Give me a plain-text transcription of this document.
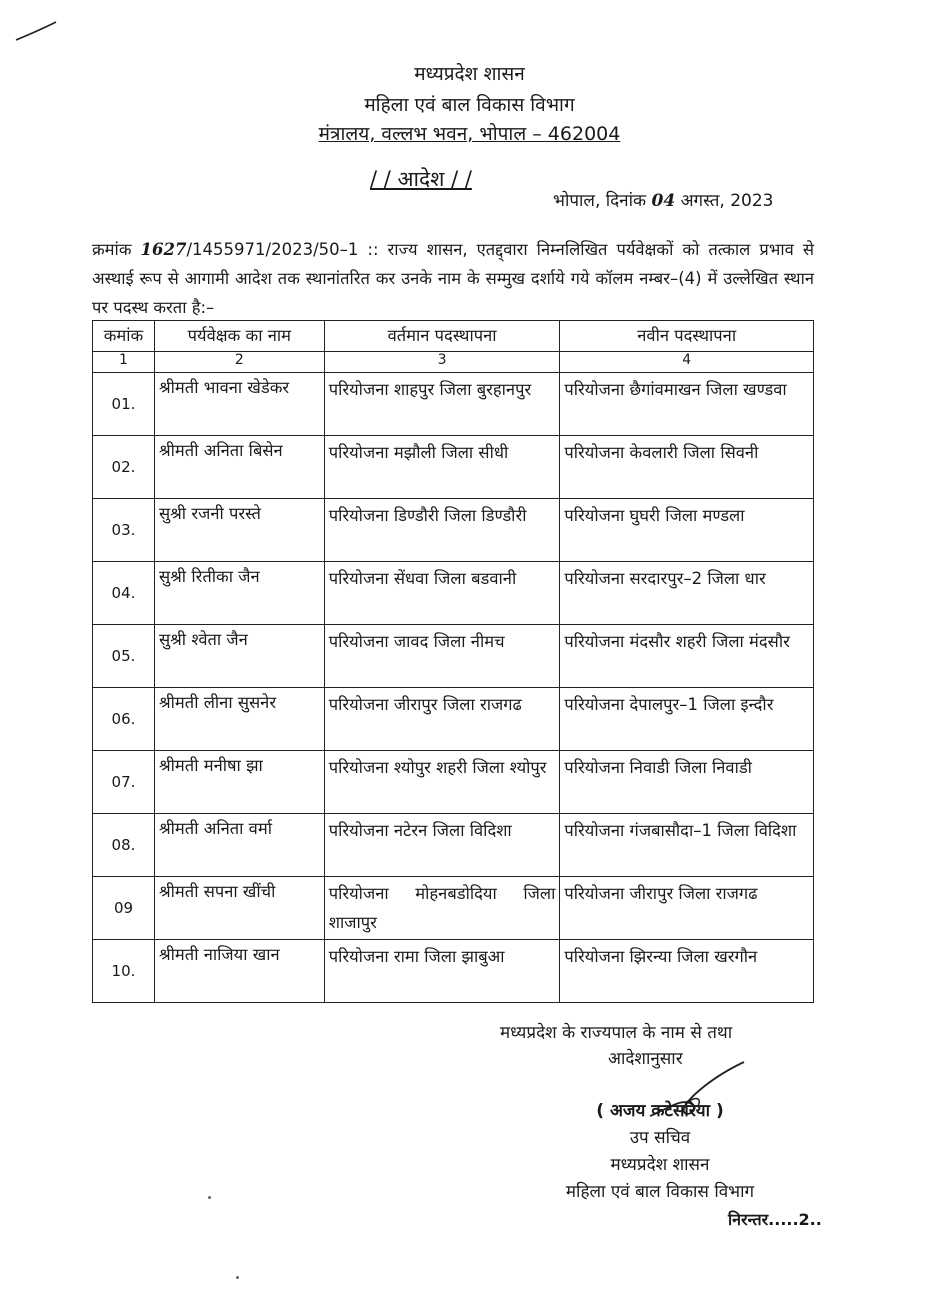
मध्यप्रदेश शासन
महिला एवं बाल विकास विभाग
मंत्रालय, वल्लभ भवन, भोपाल – 462004
/ / आदेश / /
भोपाल, दिनांक 04 अगस्त, 2023
क्रमांक 1627/1455971/2023/50–1 :: राज्य शासन, एतद्द्वारा निम्नलिखित पर्यवेक्षकों को तत्काल प्रभाव से अस्थाई रूप से आगामी आदेश तक स्थानांतरित कर उनके नाम के सम्मुख दर्शाये गये कॉलम नम्बर–(4) में उल्लेखित स्थान पर पदस्थ करता है:–
कमांक	पर्यवेक्षक का नाम	वर्तमान पदस्थापना	नवीन पदस्थापना
1	2	3	4
01.	श्रीमती भावना खेडेकर	परियोजना शाहपुर जिला बुरहानपुर	परियोजना छैगांवमाखन जिला खण्डवा
02.	श्रीमती अनिता बिसेन	परियोजना मझौली जिला सीधी	परियोजना केवलारी जिला सिवनी
03.	सुश्री रजनी परस्ते	परियोजना डिण्डौरी जिला डिण्डौरी	परियोजना घुघरी जिला मण्डला
04.	सुश्री रितीका जैन	परियोजना सेंधवा जिला बडवानी	परियोजना सरदारपुर–2 जिला धार
05.	सुश्री श्वेता जैन	परियोजना जावद जिला नीमच	परियोजना मंदसौर शहरी जिला मंदसौर
06.	श्रीमती लीना सुसनेर	परियोजना जीरापुर जिला राजगढ	परियोजना देपालपुर–1 जिला इन्दौर
07.	श्रीमती मनीषा झा	परियोजना श्योपुर शहरी जिला श्योपुर	परियोजना निवाडी जिला निवाडी
08.	श्रीमती अनिता वर्मा	परियोजना नटेरन जिला विदिशा	परियोजना गंजबासौदा–1 जिला विदिशा
09	श्रीमती सपना खींची	परियोजना मोहनबडोदिया जिला शाजापुर	परियोजना जीरापुर जिला राजगढ
10.	श्रीमती नाजिया खान	परियोजना रामा जिला झाबुआ	परियोजना झिरन्या जिला खरगौन
मध्यप्रदेश के राज्यपाल के नाम से तथा
आदेशानुसार
( अजय कटेसरिया )
उप सचिव
मध्यप्रदेश शासन
महिला एवं बाल विकास विभाग
निरन्तर.....2..
